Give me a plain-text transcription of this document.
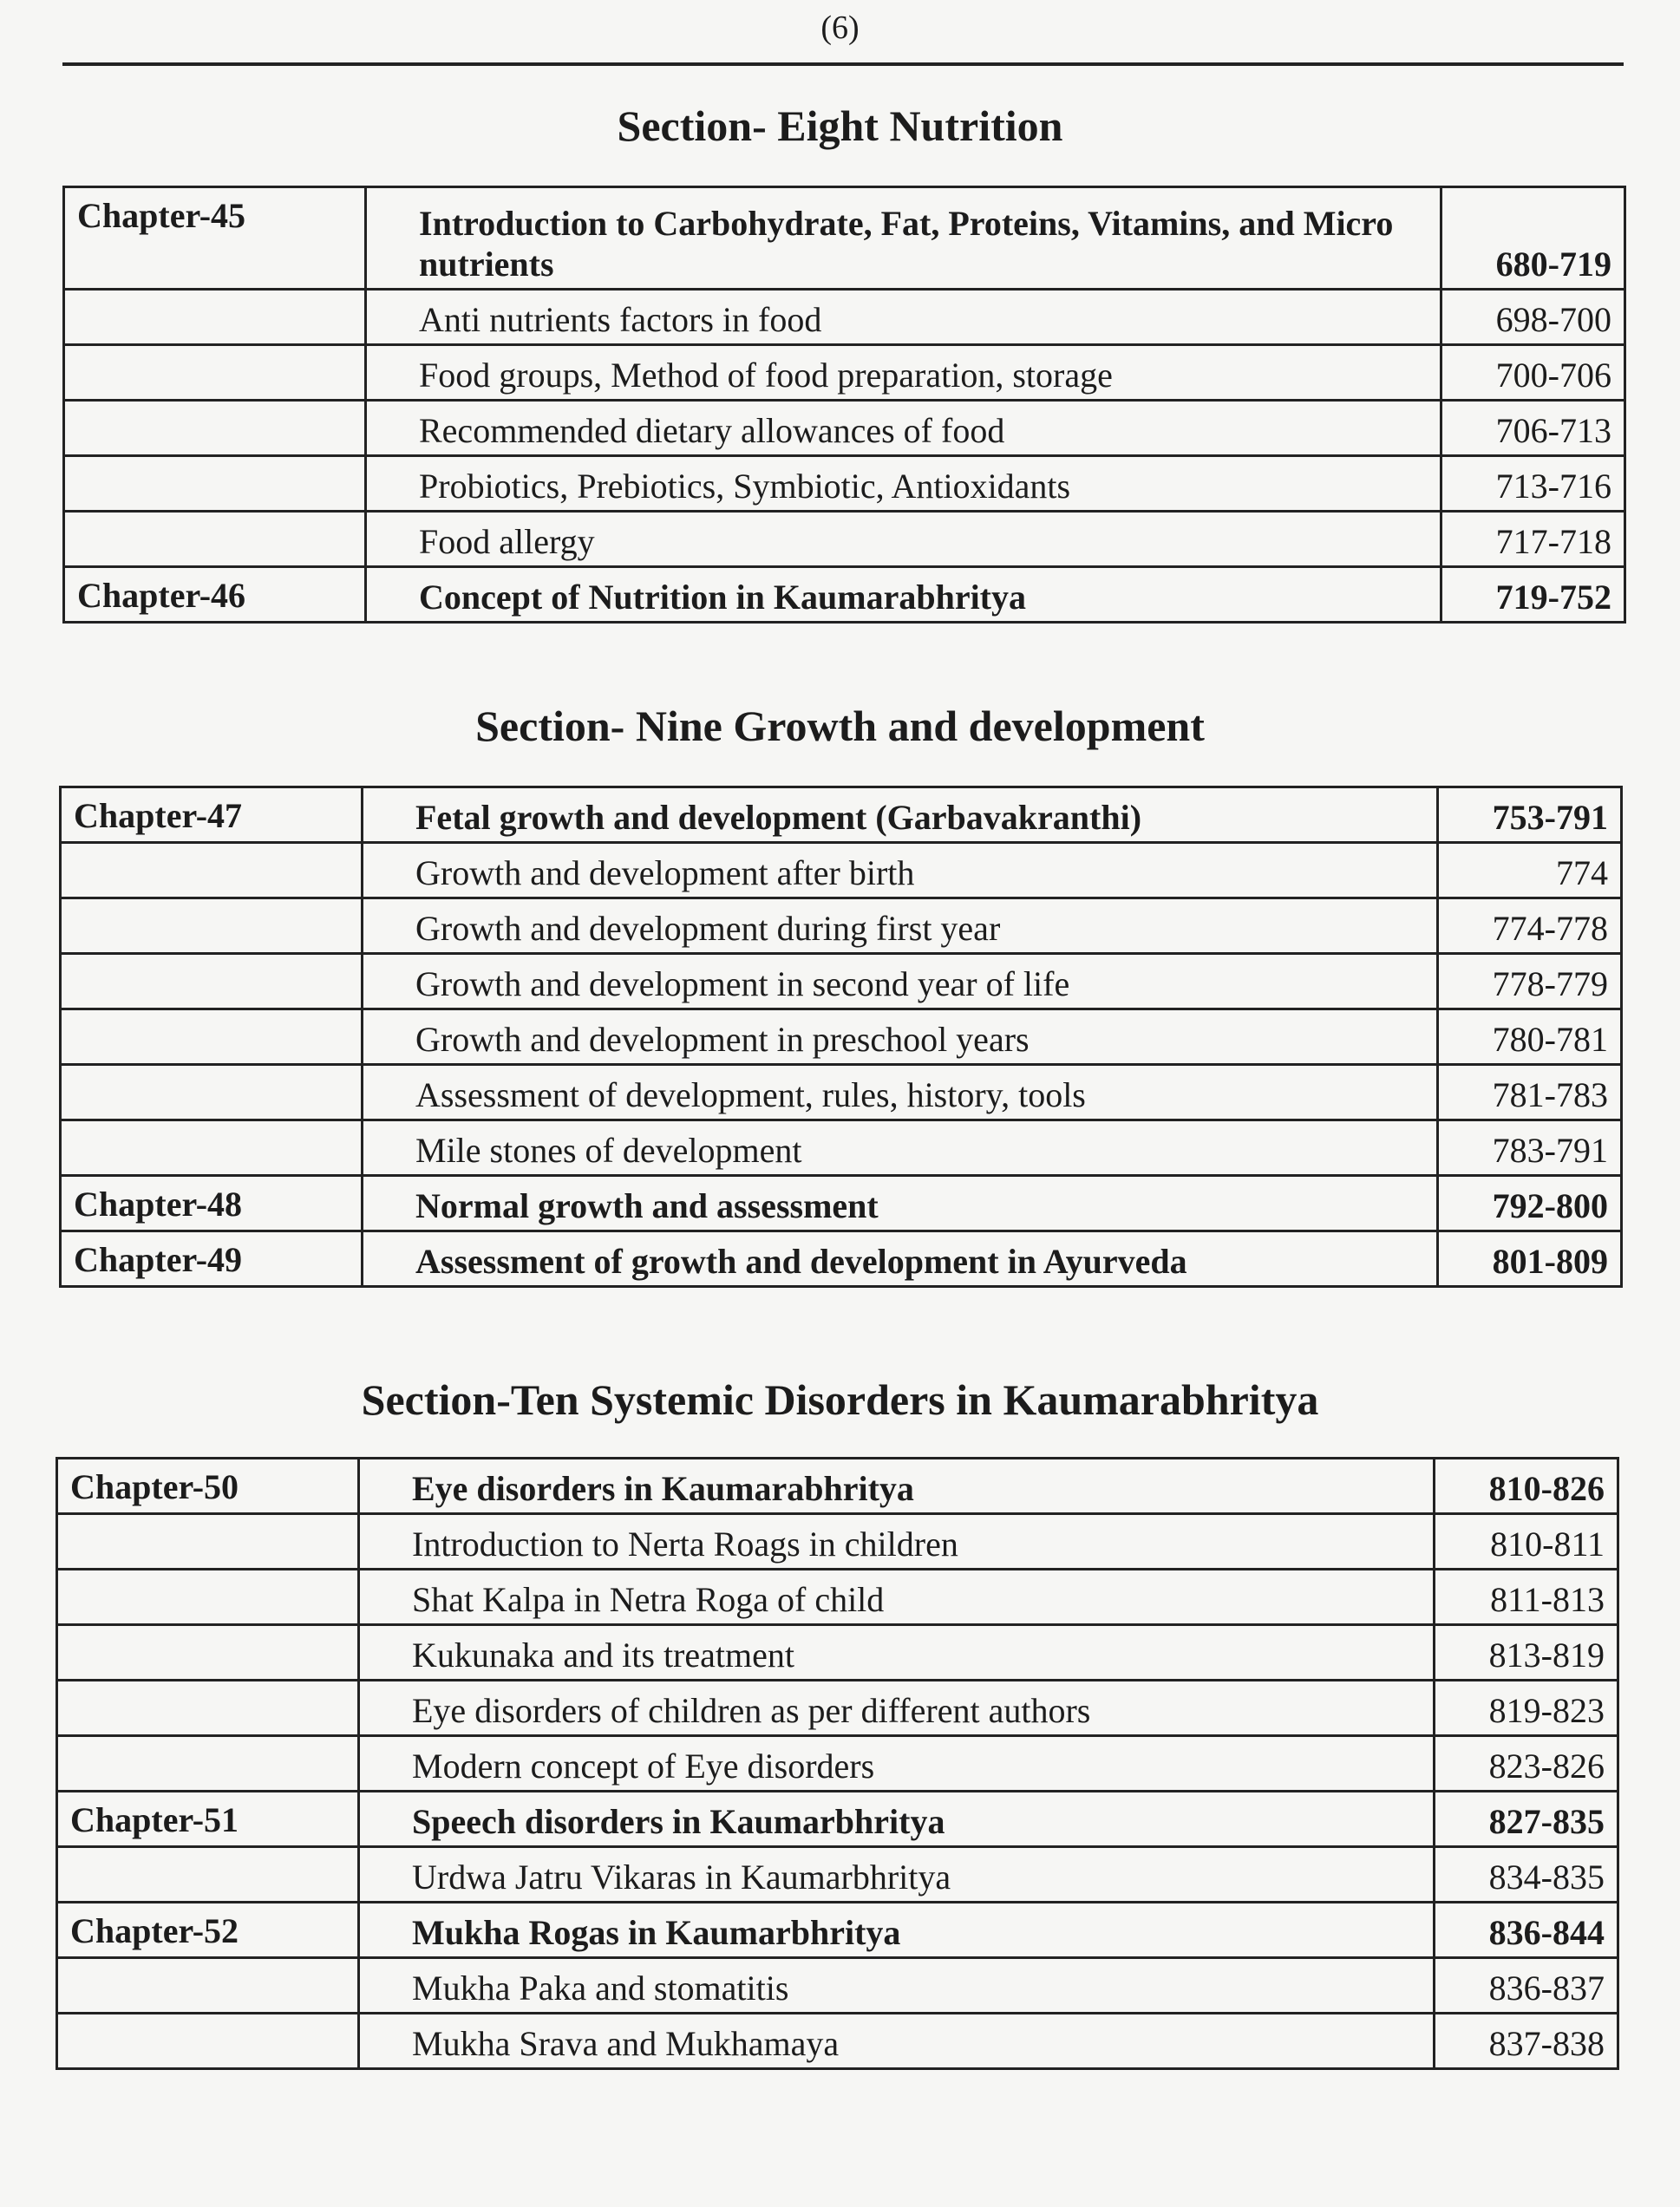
(6)
Section- Eight Nutrition
Chapter-45	Introduction to Carbohydrate, Fat, Proteins, Vitamins, and Micro nutrients	680-719
	Anti nutrients factors in food	698-700
	Food groups, Method of food preparation, storage	700-706
	Recommended dietary allowances of food	706-713
	Probiotics, Prebiotics, Symbiotic, Antioxidants	713-716
	Food allergy	717-718
Chapter-46	Concept of Nutrition in Kaumarabhritya	719-752
Section- Nine Growth and development
Chapter-47	Fetal growth and development (Garbavakranthi)	753-791
	Growth and development after birth	774
	Growth and development during first year	774-778
	Growth and development in second year of life	778-779
	Growth and development in preschool years	780-781
	Assessment of development, rules, history, tools	781-783
	Mile stones of development	783-791
Chapter-48	Normal growth and assessment	792-800
Chapter-49	Assessment of growth and development in Ayurveda	801-809
Section-Ten Systemic Disorders in Kaumarabhritya
Chapter-50	Eye disorders in Kaumarabhritya	810-826
	Introduction to Nerta Roags in children	810-811
	Shat Kalpa in Netra Roga of child	811-813
	Kukunaka and its treatment	813-819
	Eye disorders of children as per different authors	819-823
	Modern concept of Eye disorders	823-826
Chapter-51	Speech disorders in Kaumarbhritya	827-835
	Urdwa Jatru Vikaras in Kaumarbhritya	834-835
Chapter-52	Mukha Rogas in Kaumarbhritya	836-844
	Mukha Paka and stomatitis	836-837
	Mukha Srava and Mukhamaya	837-838
